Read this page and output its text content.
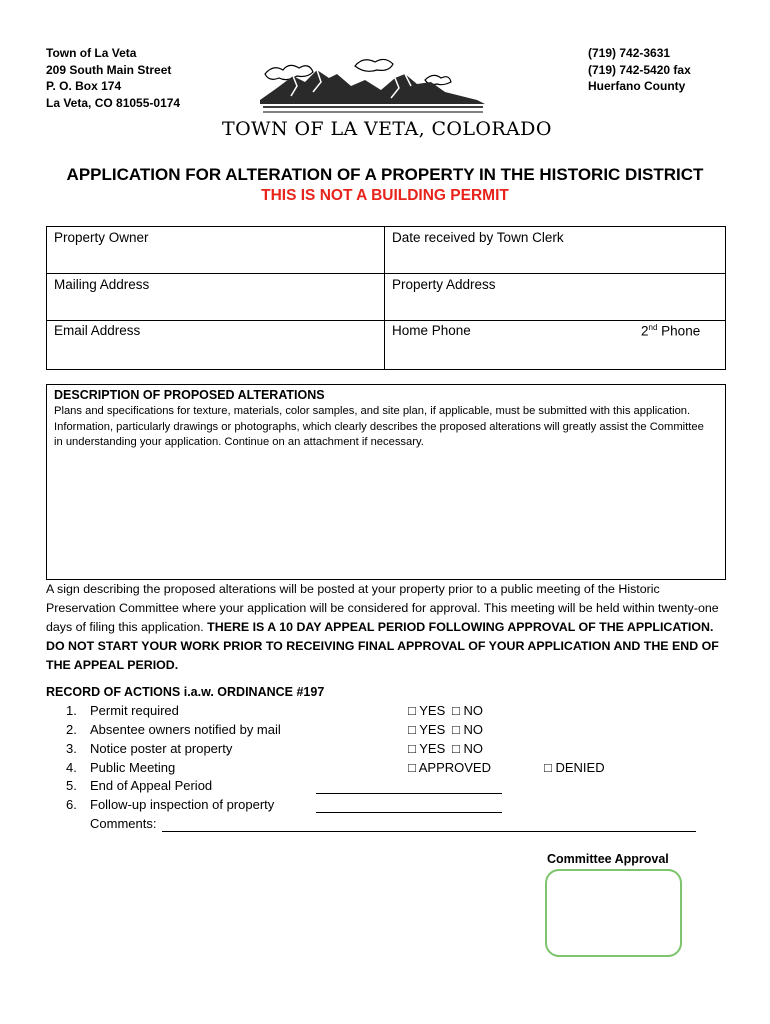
Town of La Veta
209 South Main Street
P. O. Box 174
La Veta, CO 81055-0174
(719) 742-3631
(719) 742-5420 fax
Huerfano County
TOWN OF LA VETA, COLORADO
APPLICATION FOR ALTERATION OF A PROPERTY IN THE HISTORIC DISTRICT
THIS IS NOT A BUILDING PERMIT
Property Owner	Date received by Town Clerk
Mailing Address	Property Address
Email Address	Home Phone	2nd Phone
DESCRIPTION OF PROPOSED ALTERATIONS
Plans and specifications for texture, materials, color samples, and site plan, if applicable, must be submitted with this application. Information, particularly drawings or photographs, which clearly describes the proposed alterations will greatly assist the Committee in understanding your application. Continue on an attachment if necessary.
A sign describing the proposed alterations will be posted at your property prior to a public meeting of the Historic Preservation Committee where your application will be considered for approval. This meeting will be held within twenty-one days of filing this application. THERE IS A 10 DAY APPEAL PERIOD FOLLOWING APPROVAL OF THE APPLICATION. DO NOT START YOUR WORK PRIOR TO RECEIVING FINAL APPROVAL OF YOUR APPLICATION AND THE END OF THE APPEAL PERIOD.
RECORD OF ACTIONS i.a.w. ORDINANCE #197
1. Permit required	□ YES □ NO
2. Absentee owners notified by mail	□ YES □ NO
3. Notice poster at property	□ YES □ NO
4. Public Meeting	□ APPROVED	□ DENIED
5. End of Appeal Period
6. Follow-up inspection of property
Comments:
Committee Approval
